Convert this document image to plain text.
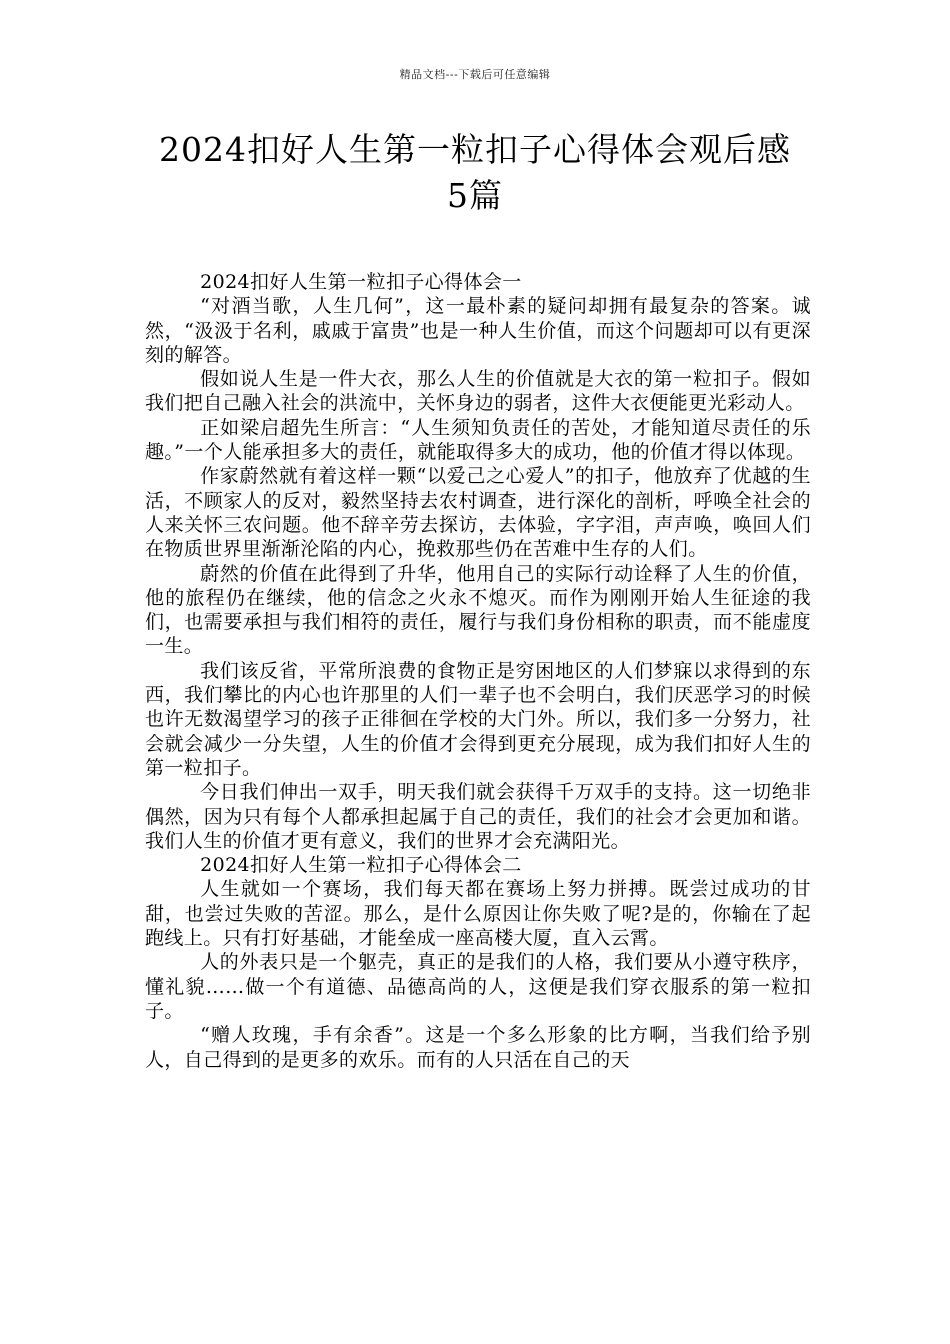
精品文档---下载后可任意编辑
2024扣好人生第一粒扣子心得体会观后感
5篇

2024扣好人生第一粒扣子心得体会一

“对酒当歌，人生几何”，这一最朴素的疑问却拥有最复杂的答案。诚然，“汲汲于名利，戚戚于富贵”也是一种人生价值，而这个问题却可以有更深刻的解答。

假如说人生是一件大衣，那么人生的价值就是大衣的第一粒扣子。假如我们把自己融入社会的洪流中，关怀身边的弱者，这件大衣便能更光彩动人。

正如梁启超先生所言：“人生须知负责任的苦处，才能知道尽责任的乐趣。”一个人能承担多大的责任，就能取得多大的成功，他的价值才得以体现。

作家蔚然就有着这样一颗“以爱己之心爱人”的扣子，他放弃了优越的生活，不顾家人的反对，毅然坚持去农村调查，进行深化的剖析，呼唤全社会的人来关怀三农问题。他不辞辛劳去探访，去体验，字字泪，声声唤，唤回人们在物质世界里渐渐沦陷的内心，挽救那些仍在苦难中生存的人们。

蔚然的价值在此得到了升华，他用自己的实际行动诠释了人生的价值，他的旅程仍在继续，他的信念之火永不熄灭。而作为刚刚开始人生征途的我们，也需要承担与我们相符的责任，履行与我们身份相称的职责，而不能虚度一生。

我们该反省，平常所浪费的食物正是穷困地区的人们梦寐以求得到的东西，我们攀比的内心也许那里的人们一辈子也不会明白，我们厌恶学习的时候也许无数渴望学习的孩子正徘徊在学校的大门外。所以，我们多一分努力，社会就会减少一分失望，人生的价值才会得到更充分展现，成为我们扣好人生的第一粒扣子。

今日我们伸出一双手，明天我们就会获得千万双手的支持。这一切绝非偶然，因为只有每个人都承担起属于自己的责任，我们的社会才会更加和谐。我们人生的价值才更有意义，我们的世界才会充满阳光。

2024扣好人生第一粒扣子心得体会二

人生就如一个赛场，我们每天都在赛场上努力拼搏。既尝过成功的甘甜，也尝过失败的苦涩。那么，是什么原因让你失败了呢?是的，你输在了起跑线上。只有打好基础，才能垒成一座高楼大厦，直入云霄。

人的外表只是一个躯壳，真正的是我们的人格，我们要从小遵守秩序，懂礼貌……做一个有道德、品德高尚的人，这便是我们穿衣服系的第一粒扣子。

“赠人玫瑰，手有余香”。这是一个多么形象的比方啊，当我们给予别人，自己得到的是更多的欢乐。而有的人只活在自己的天
